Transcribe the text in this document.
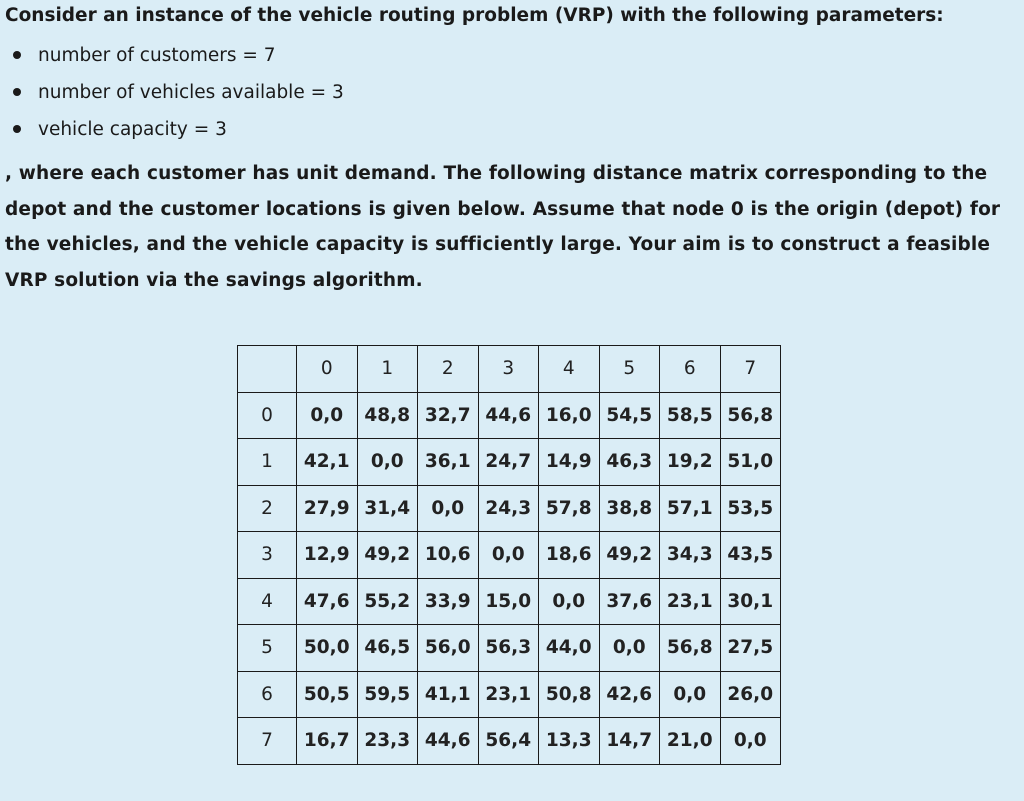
Consider an instance of the vehicle routing problem (VRP) with the following parameters:

number of customers = 7
number of vehicles available = 3
vehicle capacity = 3

, where each customer has unit demand. The following distance matrix corresponding to the depot and the customer locations is given below. Assume that node 0 is the origin (depot) for the vehicles, and the vehicle capacity is sufficiently large. Your aim is to construct a feasible VRP solution via the savings algorithm.

	0	1	2	3	4	5	6	7
0	0,0	48,8	32,7	44,6	16,0	54,5	58,5	56,8
1	42,1	0,0	36,1	24,7	14,9	46,3	19,2	51,0
2	27,9	31,4	0,0	24,3	57,8	38,8	57,1	53,5
3	12,9	49,2	10,6	0,0	18,6	49,2	34,3	43,5
4	47,6	55,2	33,9	15,0	0,0	37,6	23,1	30,1
5	50,0	46,5	56,0	56,3	44,0	0,0	56,8	27,5
6	50,5	59,5	41,1	23,1	50,8	42,6	0,0	26,0
7	16,7	23,3	44,6	56,4	13,3	14,7	21,0	0,0
